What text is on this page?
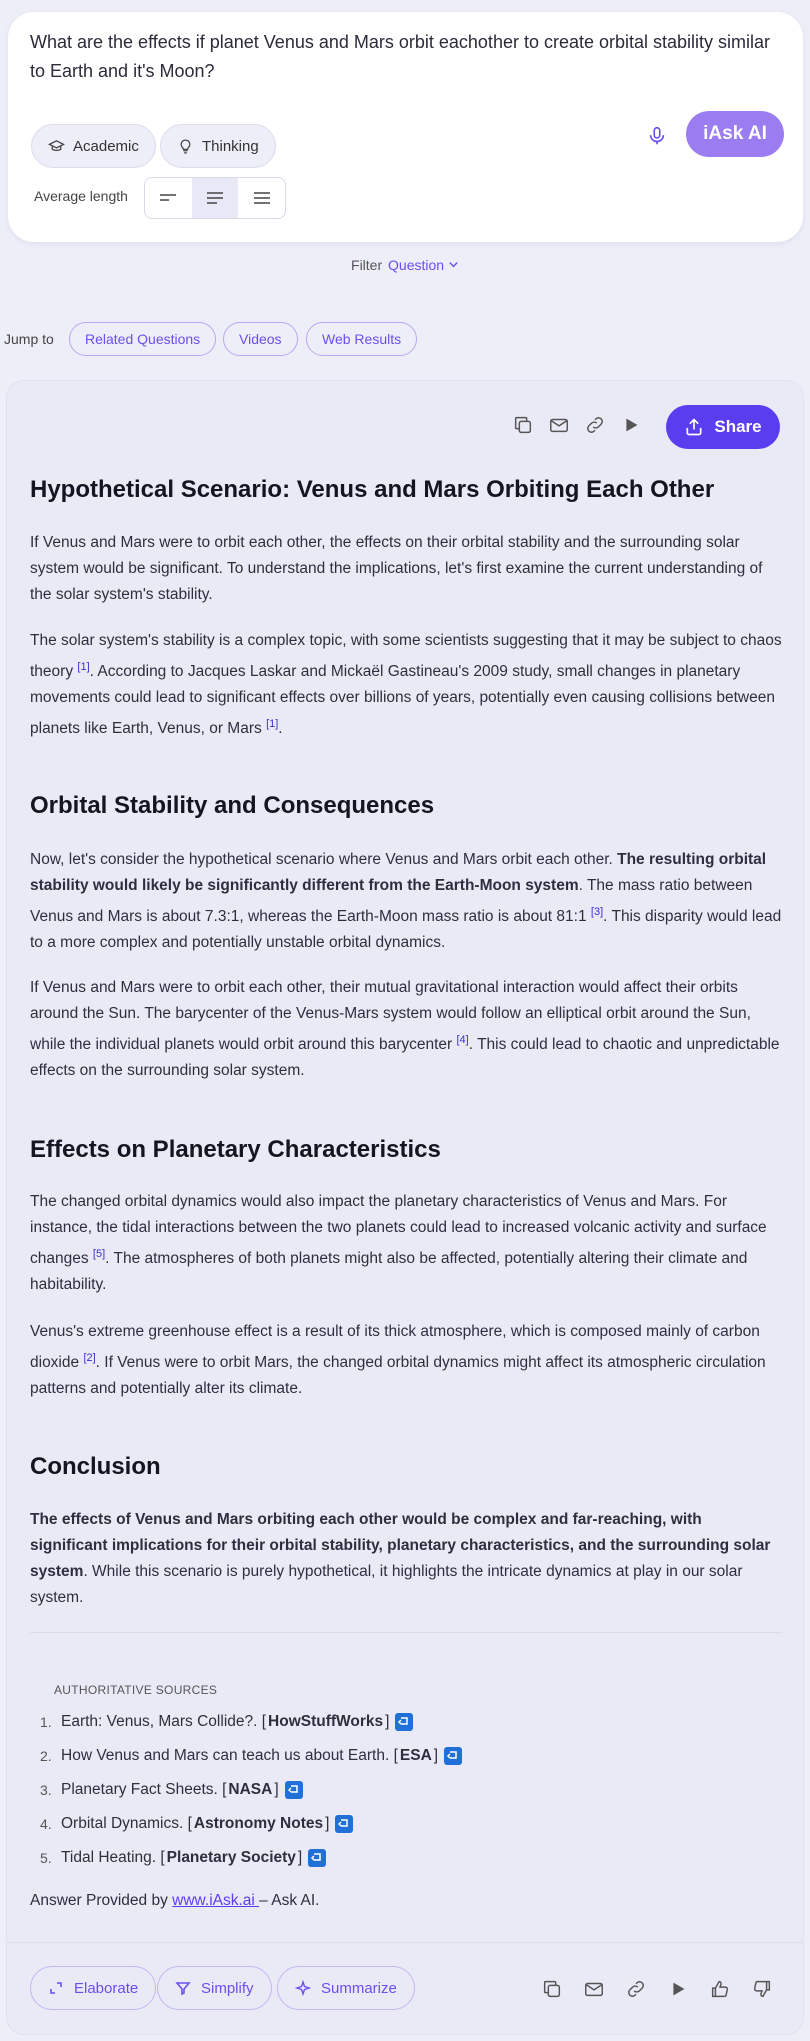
What are the effects if planet Venus and Mars orbit eachother to create orbital stability similar to Earth and it's Moon?
Academic	Thinking
iAsk AI
Average length
Filter Question
Jump to	Related Questions	Videos	Web Results
Share
Hypothetical Scenario: Venus and Mars Orbiting Each Other

If Venus and Mars were to orbit each other, the effects on their orbital stability and the surrounding solar system would be significant. To understand the implications, let's first examine the current understanding of the solar system's stability.

The solar system's stability is a complex topic, with some scientists suggesting that it may be subject to chaos theory [1]. According to Jacques Laskar and Mickaël Gastineau's 2009 study, small changes in planetary movements could lead to significant effects over billions of years, potentially even causing collisions between planets like Earth, Venus, or Mars [1].

Orbital Stability and Consequences

Now, let's consider the hypothetical scenario where Venus and Mars orbit each other. The resulting orbital stability would likely be significantly different from the Earth-Moon system. The mass ratio between Venus and Mars is about 7.3:1, whereas the Earth-Moon mass ratio is about 81:1 [3]. This disparity would lead to a more complex and potentially unstable orbital dynamics.

If Venus and Mars were to orbit each other, their mutual gravitational interaction would affect their orbits around the Sun. The barycenter of the Venus-Mars system would follow an elliptical orbit around the Sun, while the individual planets would orbit around this barycenter [4]. This could lead to chaotic and unpredictable effects on the surrounding solar system.

Effects on Planetary Characteristics

The changed orbital dynamics would also impact the planetary characteristics of Venus and Mars. For instance, the tidal interactions between the two planets could lead to increased volcanic activity and surface changes [5]. The atmospheres of both planets might also be affected, potentially altering their climate and habitability.

Venus's extreme greenhouse effect is a result of its thick atmosphere, which is composed mainly of carbon dioxide [2]. If Venus were to orbit Mars, the changed orbital dynamics might affect its atmospheric circulation patterns and potentially alter its climate.

Conclusion

The effects of Venus and Mars orbiting each other would be complex and far-reaching, with significant implications for their orbital stability, planetary characteristics, and the surrounding solar system. While this scenario is purely hypothetical, it highlights the intricate dynamics at play in our solar system.

AUTHORITATIVE SOURCES
1. Earth: Venus, Mars Collide?. [ HowStuffWorks ]
2. How Venus and Mars can teach us about Earth. [ ESA ]
3. Planetary Fact Sheets. [ NASA ]
4. Orbital Dynamics. [ Astronomy Notes ]
5. Tidal Heating. [ Planetary Society ]
Answer Provided by www.iAsk.ai – Ask AI.
Elaborate	Simplify	Summarize
